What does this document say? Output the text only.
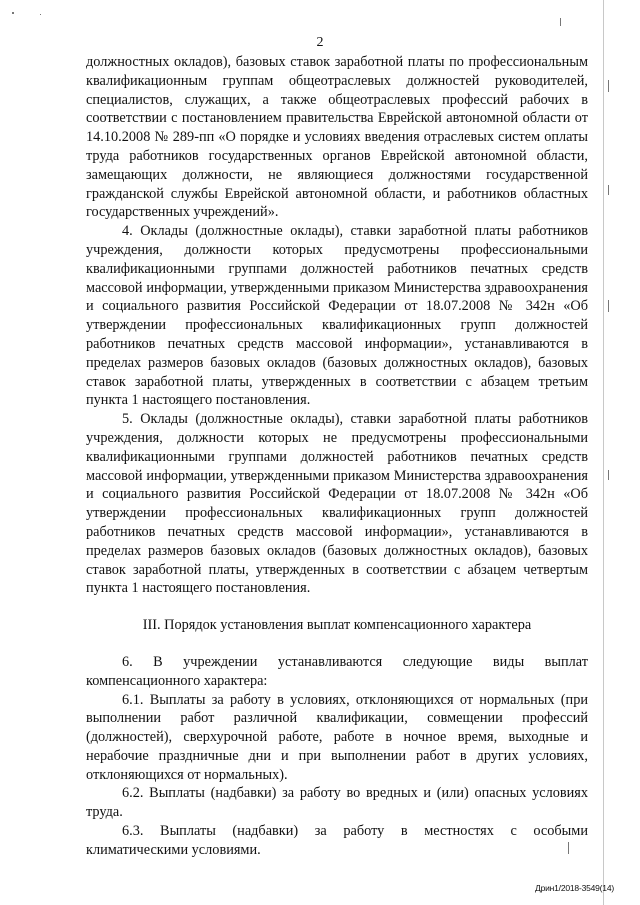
2

должностных окладов), базовых ставок заработной платы по профессиональным квалификационным группам общеотраслевых должностей руководителей, специалистов, служащих, а также общеотраслевых профессий рабочих в соответствии с постановлением правительства Еврейской автономной области от 14.10.2008 № 289-пп «О порядке и условиях введения отраслевых систем оплаты труда работников государственных органов Еврейской автономной области, замещающих должности, не являющиеся должностями государственной гражданской службы Еврейской автономной области, и работников областных государственных учреждений».

4. Оклады (должностные оклады), ставки заработной платы работников учреждения, должности которых предусмотрены профессиональными квалификационными группами должностей работников печатных средств массовой информации, утвержденными приказом Министерства здравоохранения и социального развития Российской Федерации от 18.07.2008 № 342н «Об утверждении профессиональных квалификационных групп должностей работников печатных средств массовой информации», устанавливаются в пределах размеров базовых окладов (базовых должностных окладов), базовых ставок заработной платы, утвержденных в соответствии с абзацем третьим пункта 1 настоящего постановления.

5. Оклады (должностные оклады), ставки заработной платы работников учреждения, должности которых не предусмотрены профессиональными квалификационными группами должностей работников печатных средств массовой информации, утвержденными приказом Министерства здравоохранения и социального развития Российской Федерации от 18.07.2008 № 342н «Об утверждении профессиональных квалификационных групп должностей работников печатных средств массовой информации», устанавливаются в пределах размеров базовых окладов (базовых должностных окладов), базовых ставок заработной платы, утвержденных в соответствии с абзацем четвертым пункта 1 настоящего постановления.

III. Порядок установления выплат компенсационного характера

6. В учреждении устанавливаются следующие виды выплат компенсационного характера:

6.1. Выплаты за работу в условиях, отклоняющихся от нормальных (при выполнении работ различной квалификации, совмещении профессий (должностей), сверхурочной работе, работе в ночное время, выходные и нерабочие праздничные дни и при выполнении работ в других условиях, отклоняющихся от нормальных).

6.2. Выплаты (надбавки) за работу во вредных и (или) опасных условиях труда.

6.3. Выплаты (надбавки) за работу в местностях с особыми климатическими условиями.

Дрин1/2018-3549(14)
